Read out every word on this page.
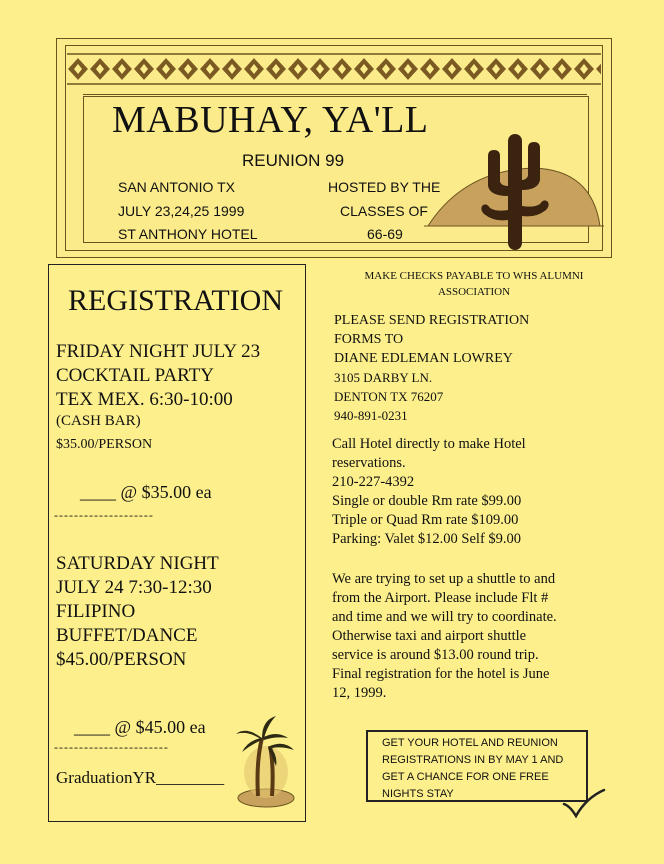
MABUHAY, YA'LL
REUNION 99
SAN ANTONIO TX
JULY 23,24,25 1999
ST ANTHONY HOTEL
HOSTED BY THE
CLASSES OF
66-69
REGISTRATION
FRIDAY NIGHT JULY 23
COCKTAIL PARTY
TEX MEX. 6:30-10:00
(CASH BAR)
$35.00/PERSON
____ @ $35.00 ea
--------------------
SATURDAY NIGHT
JULY 24 7:30-12:30
FILIPINO
BUFFET/DANCE
$45.00/PERSON
____ @ $45.00 ea
-----------------------
GraduationYR________
MAKE CHECKS PAYABLE TO WHS ALUMNI ASSOCIATION
PLEASE SEND REGISTRATION
FORMS TO
DIANE EDLEMAN LOWREY
3105 DARBY LN.
DENTON TX 76207
940-891-0231
Call Hotel directly to make Hotel
reservations.
210-227-4392
Single or double Rm rate $99.00
Triple or Quad Rm rate $109.00
Parking: Valet $12.00 Self $9.00
We are trying to set up a shuttle to and
from the Airport. Please include Flt #
and time and we will try to coordinate.
Otherwise taxi and airport shuttle
service is around $13.00 round trip.
Final registration for the hotel is June
12, 1999.
GET YOUR HOTEL AND REUNION
REGISTRATIONS IN BY MAY 1 AND
GET A CHANCE FOR ONE FREE
NIGHTS STAY
